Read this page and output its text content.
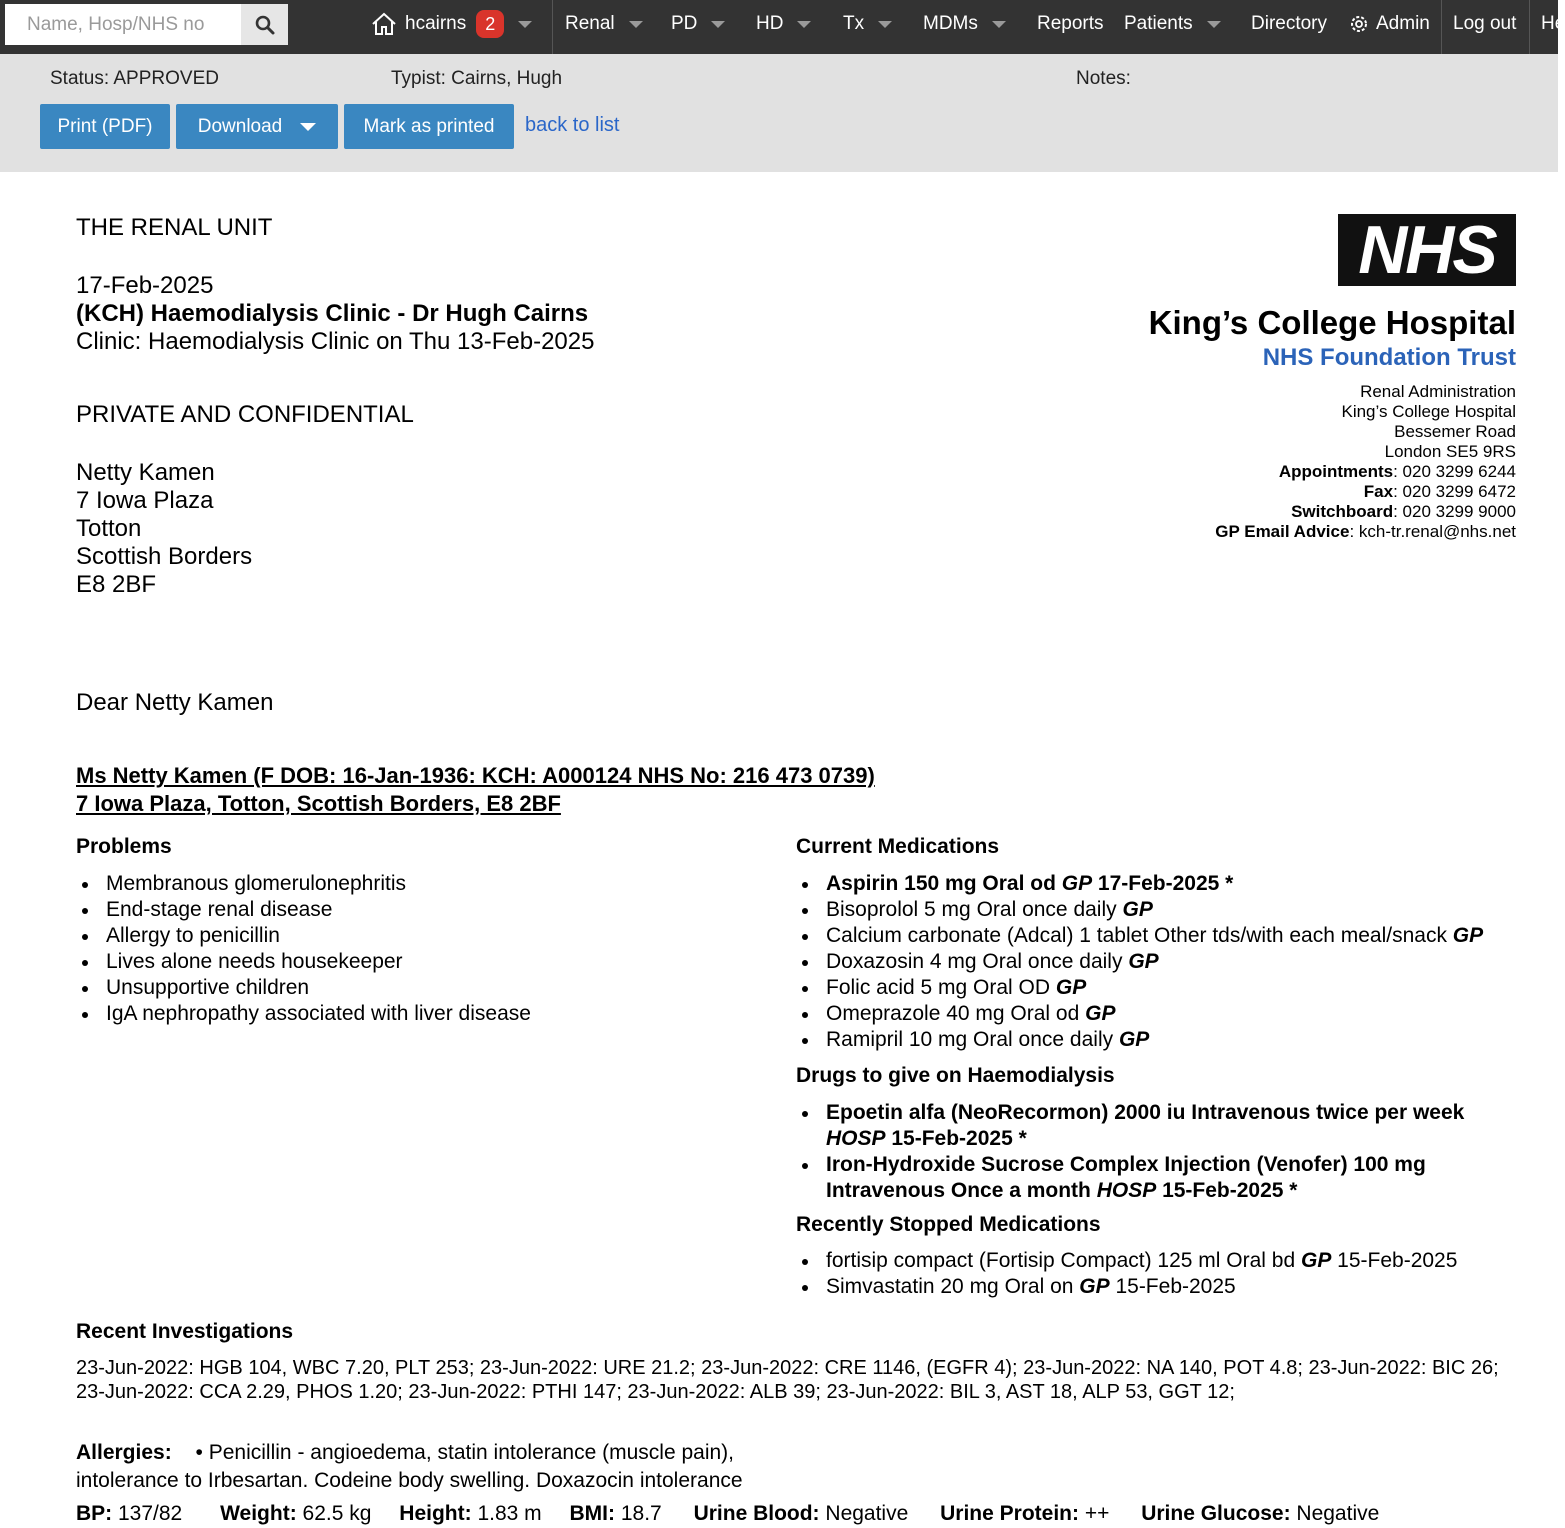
Name, Hosp/NHS no
hcairns	2	Renal	PD	HD	Tx	MDMs	Reports Patients	Directory	Admin Log out He
Status: APPROVED	Typist: Cairns, Hugh	Notes:
Print (PDF) Download	Mark as printed back to list
THE RENAL UNIT
17-Feb-2025
(KCH) Haemodialysis Clinic - Dr Hugh Cairns
Clinic: Haemodialysis Clinic on Thu 13-Feb-2025
PRIVATE AND CONFIDENTIAL
Netty Kamen
7 Iowa Plaza
Totton
Scottish Borders
E8 2BF
Dear Netty Kamen
Ms Netty Kamen (F DOB: 16-Jan-1936: KCH: A000124 NHS No: 216 473 0739)
7 Iowa Plaza, Totton, Scottish Borders, E8 2BF
NHS
King’s College Hospital
NHS Foundation Trust
Renal Administration
King’s College Hospital
Bessemer Road
London SE5 9RS
Appointments: 020 3299 6244
Fax: 020 3299 6472
Switchboard: 020 3299 9000
GP Email Advice: kch-tr.renal@nhs.net
Problems
Membranous glomerulonephritis
End-stage renal disease
Allergy to penicillin
Lives alone needs housekeeper
Unsupportive children
IgA nephropathy associated with liver disease
Current Medications
Aspirin 150 mg Oral od GP 17-Feb-2025 *
Bisoprolol 5 mg Oral once daily GP
Calcium carbonate (Adcal) 1 tablet Other tds/with each meal/snack GP
Doxazosin 4 mg Oral once daily GP
Folic acid 5 mg Oral OD GP
Omeprazole 40 mg Oral od GP
Ramipril 10 mg Oral once daily GP
Drugs to give on Haemodialysis
Epoetin alfa (NeoRecormon) 2000 iu Intravenous twice per week HOSP 15-Feb-2025 *
Iron-Hydroxide Sucrose Complex Injection (Venofer) 100 mg Intravenous Once a month HOSP 15-Feb-2025 *
Recently Stopped Medications
fortisip compact (Fortisip Compact) 125 ml Oral bd GP 15-Feb-2025
Simvastatin 20 mg Oral on GP 15-Feb-2025
Recent Investigations
23-Jun-2022: HGB 104, WBC 7.20, PLT 253; 23-Jun-2022: URE 21.2; 23-Jun-2022: CRE 1146, (EGFR 4); 23-Jun-2022: NA 140, POT 4.8; 23-Jun-2022: BIC 26; 23-Jun-2022: CCA 2.29, PHOS 1.20; 23-Jun-2022: PTHI 147; 23-Jun-2022: ALB 39; 23-Jun-2022: BIL 3, AST 18, ALP 53, GGT 12;
Allergies: • Penicillin - angioedema, statin intolerance (muscle pain),
intolerance to Irbesartan. Codeine body swelling. Doxazocin intolerance
BP: 137/82 Weight: 62.5 kg Height: 1.83 m BMI: 18.7 Urine Blood: Negative Urine Protein: ++ Urine Glucose: Negative
